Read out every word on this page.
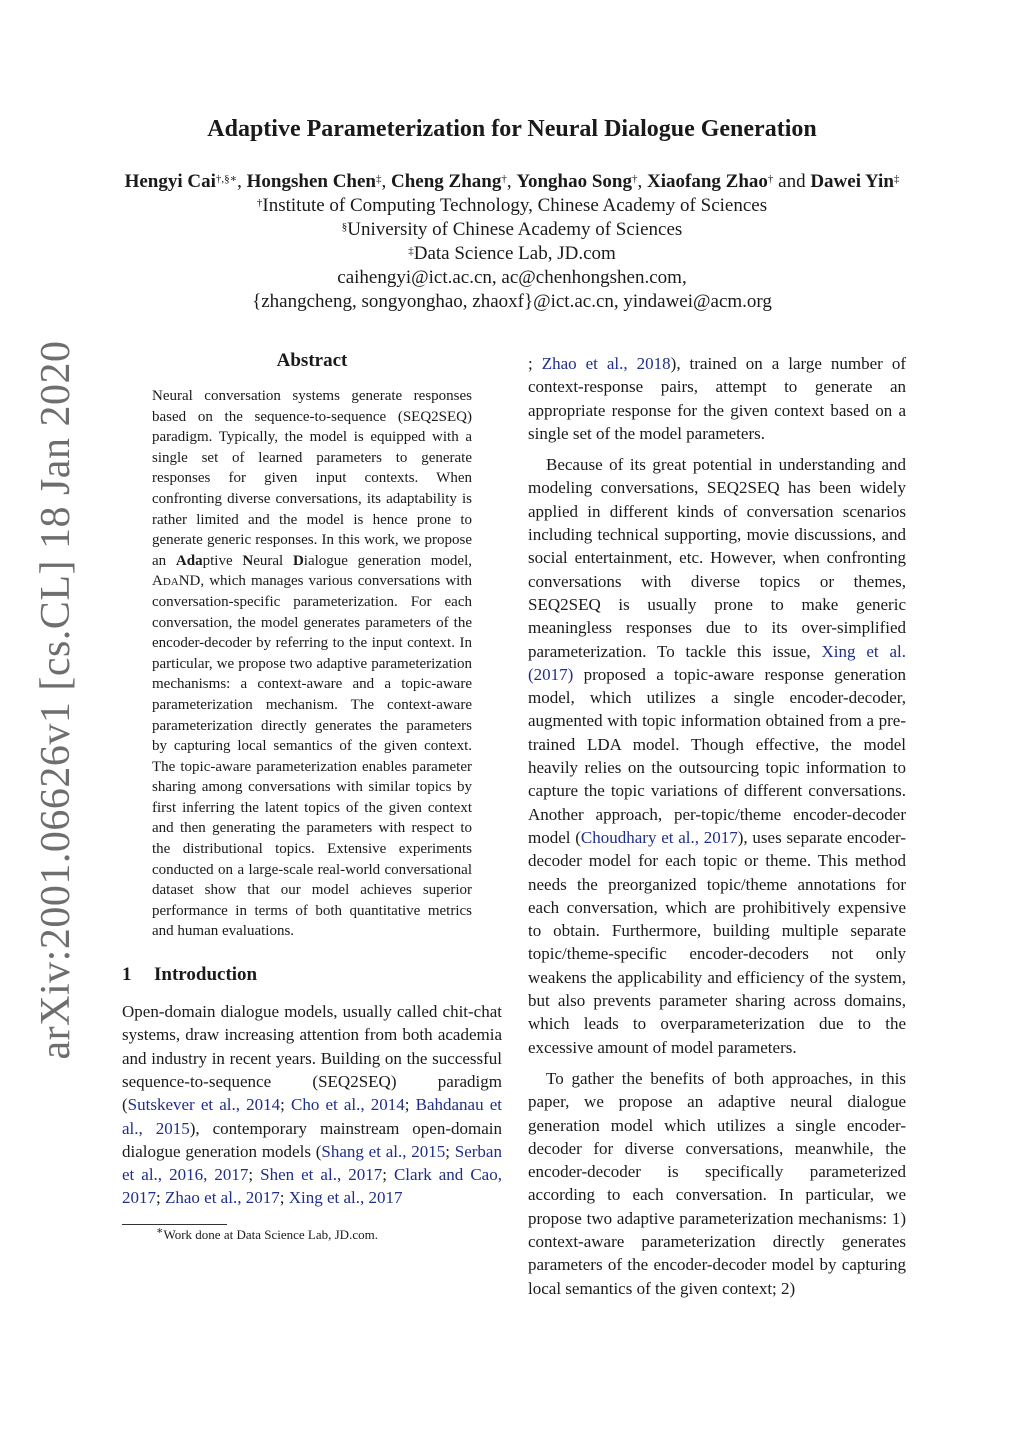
arXiv:2001.06626v1 [cs.CL] 18 Jan 2020
Adaptive Parameterization for Neural Dialogue Generation
Hengyi Cai†,§∗, Hongshen Chen‡, Cheng Zhang†, Yonghao Song†, Xiaofang Zhao† and Dawei Yin‡
†Institute of Computing Technology, Chinese Academy of Sciences
§University of Chinese Academy of Sciences
‡Data Science Lab, JD.com
caihengyi@ict.ac.cn, ac@chenhongshen.com,
{zhangcheng, songyonghao, zhaoxf}@ict.ac.cn, yindawei@acm.org
Abstract
Neural conversation systems generate responses based on the sequence-to-sequence (SEQ2SEQ) paradigm. Typically, the model is equipped with a single set of learned parameters to generate responses for given input contexts. When confronting diverse conversations, its adaptability is rather limited and the model is hence prone to generate generic responses. In this work, we propose an Adaptive Neural Dialogue generation model, AdaND, which manages various conversations with conversation-specific parameterization. For each conversation, the model generates parameters of the encoder-decoder by referring to the input context. In particular, we propose two adaptive parameterization mechanisms: a context-aware and a topic-aware parameterization mechanism. The context-aware parameterization directly generates the parameters by capturing local semantics of the given context. The topic-aware parameterization enables parameter sharing among conversations with similar topics by first inferring the latent topics of the given context and then generating the parameters with respect to the distributional topics. Extensive experiments conducted on a large-scale real-world conversational dataset show that our model achieves superior performance in terms of both quantitative metrics and human evaluations.
1 Introduction

Open-domain dialogue models, usually called chit-chat systems, draw increasing attention from both academia and industry in recent years. Building on the successful sequence-to-sequence (SEQ2SEQ) paradigm (Sutskever et al., 2014; Cho et al., 2014; Bahdanau et al., 2015), contemporary mainstream open-domain dialogue generation models (Shang et al., 2015; Serban et al., 2016, 2017; Shen et al., 2017; Clark and Cao, 2017; Zhao et al., 2017; Xing et al., 2017

∗Work done at Data Science Lab, JD.com.

; Zhao et al., 2018), trained on a large number of context-response pairs, attempt to generate an appropriate response for the given context based on a single set of the model parameters.

Because of its great potential in understanding and modeling conversations, SEQ2SEQ has been widely applied in different kinds of conversation scenarios including technical supporting, movie discussions, and social entertainment, etc. However, when confronting conversations with diverse topics or themes, SEQ2SEQ is usually prone to make generic meaningless responses due to its over-simplified parameterization. To tackle this issue, Xing et al. (2017) proposed a topic-aware response generation model, which utilizes a single encoder-decoder, augmented with topic information obtained from a pre-trained LDA model. Though effective, the model heavily relies on the outsourcing topic information to capture the topic variations of different conversations. Another approach, per-topic/theme encoder-decoder model (Choudhary et al., 2017), uses separate encoder-decoder model for each topic or theme. This method needs the preorganized topic/theme annotations for each conversation, which are prohibitively expensive to obtain. Furthermore, building multiple separate topic/theme-specific encoder-decoders not only weakens the applicability and efficiency of the system, but also prevents parameter sharing across domains, which leads to overparameterization due to the excessive amount of model parameters.

To gather the benefits of both approaches, in this paper, we propose an adaptive neural dialogue generation model which utilizes a single encoder-decoder for diverse conversations, meanwhile, the encoder-decoder is specifically parameterized according to each conversation. In particular, we propose two adaptive parameterization mechanisms: 1) context-aware parameterization directly generates parameters of the encoder-decoder model by capturing local semantics of the given context; 2)
